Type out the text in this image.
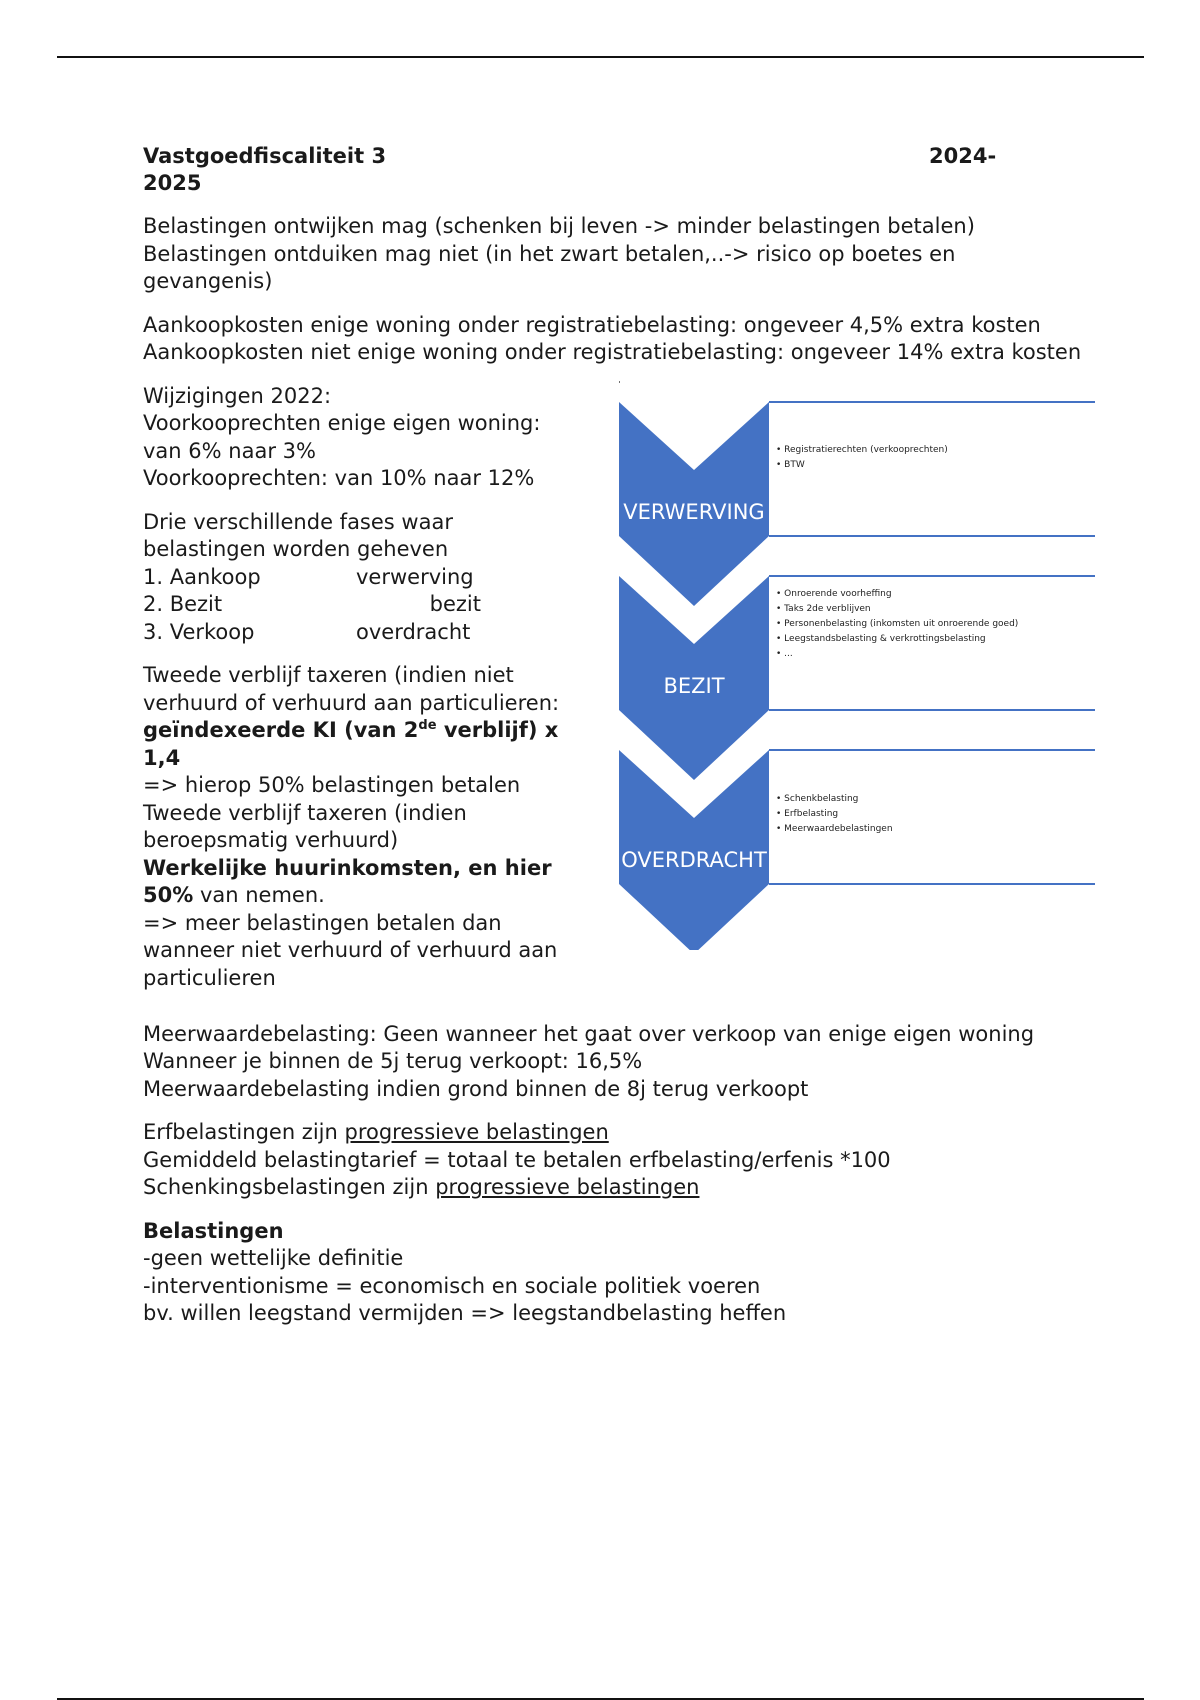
Vastgoedfiscaliteit 3	2024-
2025

Belastingen ontwijken mag (schenken bij leven -> minder belastingen betalen)

Belastingen ontduiken mag niet (in het zwart betalen,..-> risico op boetes en gevangenis)

Aankoopkosten enige woning onder registratiebelasting: ongeveer 4,5% extra kosten

Aankoopkosten niet enige woning onder registratiebelasting: ongeveer 14% extra kosten

Wijzigingen 2022:

Voorkooprechten enige eigen woning:

van 6% naar 3%

Voorkooprechten: van 10% naar 12%

Drie verschillende fases waar

belastingen worden geheven

1. Aankoop	verwerving
2. Bezit	bezit
3. Verkoop	overdracht

Tweede verblijf taxeren (indien niet

verhuurd of verhuurd aan particulieren:

geïndexeerde KI (van 2de verblijf) x

1,4

=> hierop 50% belastingen betalen

Tweede verblijf taxeren (indien

beroepsmatig verhuurd)

Werkelijke huurinkomsten, en hier

50% van nemen.

=> meer belastingen betalen dan

wanneer niet verhuurd of verhuurd aan

particulieren

VERWERVING
BEZIT
OVERDRACHT
• Registratierechten (verkooprechten)
• BTW
• Onroerende voorheffing
• Taks 2de verblijven
• Personenbelasting (inkomsten uit onroerende goed)
• Leegstandsbelasting & verkrottingsbelasting
• ...
• Schenkbelasting
• Erfbelasting
• Meerwaardebelastingen

Meerwaardebelasting: Geen wanneer het gaat over verkoop van enige eigen woning

Wanneer je binnen de 5j terug verkoopt: 16,5%

Meerwaardebelasting indien grond binnen de 8j terug verkoopt

Erfbelastingen zijn progressieve belastingen

Gemiddeld belastingtarief = totaal te betalen erfbelasting/erfenis *100

Schenkingsbelastingen zijn progressieve belastingen

Belastingen

-geen wettelijke definitie

-interventionisme = economisch en sociale politiek voeren

bv. willen leegstand vermijden => leegstandbelasting heffen
